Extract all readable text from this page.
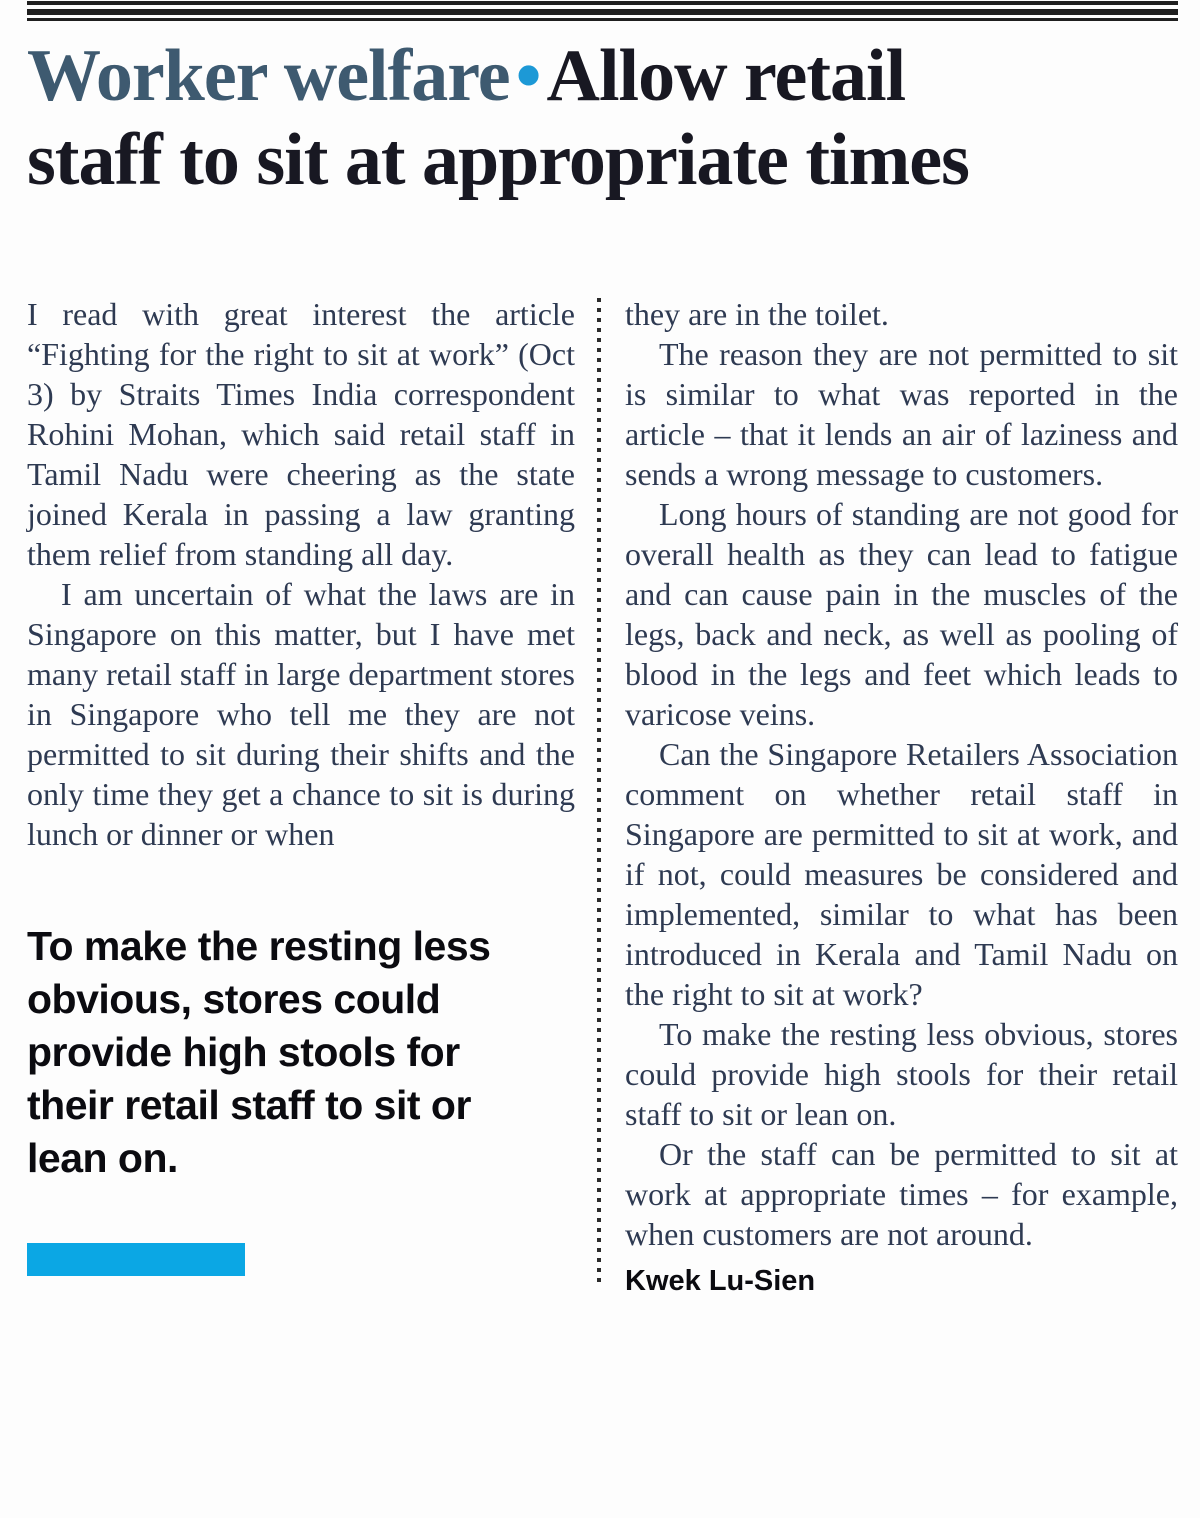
Worker welfare•Allow retail staff to sit at appropriate times

I read with great interest the article “Fighting for the right to sit at work” (Oct 3) by Straits Times India correspondent Rohini Mohan, which said retail staff in Tamil Nadu were cheering as the state joined Kerala in passing a law granting them relief from standing all day.

I am uncertain of what the laws are in Singapore on this matter, but I have met many retail staff in large department stores in Singapore who tell me they are not permitted to sit during their shifts and the only time they get a chance to sit is during lunch or dinner or when

To make the resting less obvious, stores could provide high stools for their retail staff to sit or lean on.

they are in the toilet.

The reason they are not permitted to sit is similar to what was reported in the article – that it lends an air of laziness and sends a wrong message to customers.

Long hours of standing are not good for overall health as they can lead to fatigue and can cause pain in the muscles of the legs, back and neck, as well as pooling of blood in the legs and feet which leads to varicose veins.

Can the Singapore Retailers Association comment on whether retail staff in Singapore are permitted to sit at work, and if not, could measures be considered and implemented, similar to what has been introduced in Kerala and Tamil Nadu on the right to sit at work?

To make the resting less obvious, stores could provide high stools for their retail staff to sit or lean on.

Or the staff can be permitted to sit at work at appropriate times – for example, when customers are not around.

Kwek Lu-Sien
